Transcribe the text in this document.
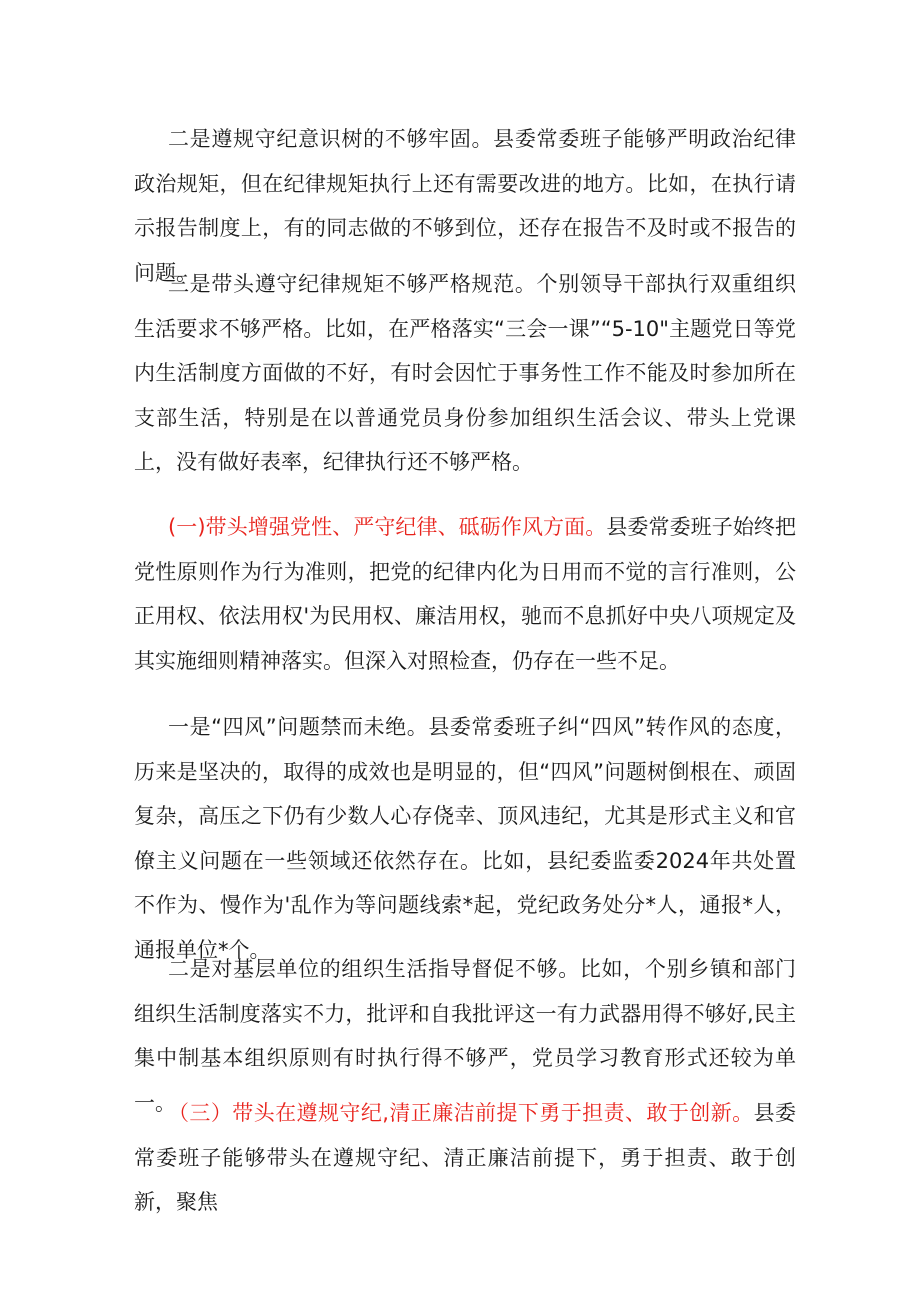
二是遵规守纪意识树的不够牢固。县委常委班子能够严明政治纪律政治规矩，但在纪律规矩执行上还有需要改进的地方。比如，在执行请示报告制度上，有的同志做的不够到位，还存在报告不及时或不报告的问题。

三是带头遵守纪律规矩不够严格规范。个别领导干部执行双重组织生活要求不够严格。比如，在严格落实“三会一课”“5-10"主题党日等党内生活制度方面做的不好，有时会因忙于事务性工作不能及时参加所在支部生活，特别是在以普通党员身份参加组织生活会议、带头上党课上，没有做好表率，纪律执行还不够严格。

(一)带头增强党性、严守纪律、砥砺作风方面。县委常委班子始终把党性原则作为行为准则，把党的纪律内化为日用而不觉的言行准则，公正用权、依法用权'为民用权、廉洁用权，驰而不息抓好中央八项规定及其实施细则精神落实。但深入对照检查，仍存在一些不足。

一是“四风”问题禁而未绝。县委常委班子纠“四风”转作风的态度，历来是坚决的，取得的成效也是明显的，但“四风”问题树倒根在、顽固复杂，高压之下仍有少数人心存侥幸、顶风违纪，尤其是形式主义和官僚主义问题在一些领域还依然存在。比如，县纪委监委2024年共处置不作为、慢作为'乱作为等问题线索*起，党纪政务处分*人，通报*人，通报单位*个。

二是对基层单位的组织生活指导督促不够。比如，个别乡镇和部门组织生活制度落实不力，批评和自我批评这一有力武器用得不够好,民主集中制基本组织原则有时执行得不够严，党员学习教育形式还较为单一。

（三）带头在遵规守纪,清正廉洁前提下勇于担责、敢于创新。县委常委班子能够带头在遵规守纪、清正廉洁前提下，勇于担责、敢于创新，聚焦
